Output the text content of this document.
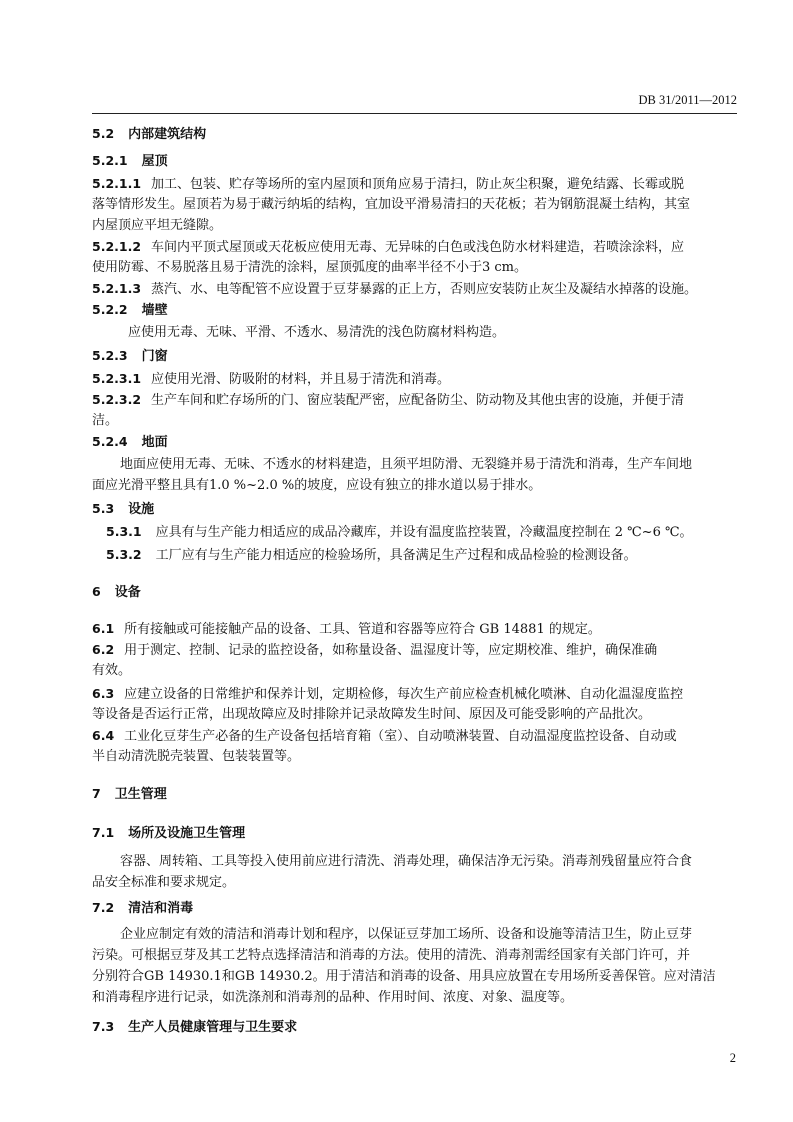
DB 31/2011—2012
5.2 内部建筑结构
5.2.1 屋顶
5.2.1.1 加工、包装、贮存等场所的室内屋顶和顶角应易于清扫，防止灰尘积聚，避免结露、长霉或脱
落等情形发生。屋顶若为易于藏污纳垢的结构，宜加设平滑易清扫的天花板；若为钢筋混凝土结构，其室
内屋顶应平坦无缝隙。
5.2.1.2 车间内平顶式屋顶或天花板应使用无毒、无异味的白色或浅色防水材料建造，若喷涂涂料，应
使用防霉、不易脱落且易于清洗的涂料，屋顶弧度的曲率半径不小于3 cm。
5.2.1.3 蒸汽、水、电等配管不应设置于豆芽暴露的正上方，否则应安装防止灰尘及凝结水掉落的设施。
5.2.2 墙壁
应使用无毒、无味、平滑、不透水、易清洗的浅色防腐材料构造。
5.2.3 门窗
5.2.3.1 应使用光滑、防吸附的材料，并且易于清洗和消毒。
5.2.3.2 生产车间和贮存场所的门、窗应装配严密，应配备防尘、防动物及其他虫害的设施，并便于清
洁。
5.2.4 地面
地面应使用无毒、无味、不透水的材料建造，且须平坦防滑、无裂缝并易于清洗和消毒，生产车间地
面应光滑平整且具有1.0 %~2.0 %的坡度，应设有独立的排水道以易于排水。
5.3 设施
5.3.1 应具有与生产能力相适应的成品冷藏库，并设有温度监控装置，冷藏温度控制在 2 ℃~6 ℃。
5.3.2 工厂应有与生产能力相适应的检验场所，具备满足生产过程和成品检验的检测设备。
6 设备
6.1 所有接触或可能接触产品的设备、工具、管道和容器等应符合 GB 14881 的规定。
6.2 用于测定、控制、记录的监控设备，如称量设备、温湿度计等，应定期校准、维护，确保准确
有效。
6.3 应建立设备的日常维护和保养计划，定期检修，每次生产前应检查机械化喷淋、自动化温湿度监控
等设备是否运行正常，出现故障应及时排除并记录故障发生时间、原因及可能受影响的产品批次。
6.4 工业化豆芽生产必备的生产设备包括培育箱（室）、自动喷淋装置、自动温湿度监控设备、自动或
半自动清洗脱壳装置、包装装置等。
7 卫生管理
7.1 场所及设施卫生管理
容器、周转箱、工具等投入使用前应进行清洗、消毒处理，确保洁净无污染。消毒剂残留量应符合食
品安全标准和要求规定。
7.2 清洁和消毒
企业应制定有效的清洁和消毒计划和程序，以保证豆芽加工场所、设备和设施等清洁卫生，防止豆芽
污染。可根据豆芽及其工艺特点选择清洁和消毒的方法。使用的清洗、消毒剂需经国家有关部门许可，并
分别符合GB 14930.1和GB 14930.2。用于清洁和消毒的设备、用具应放置在专用场所妥善保管。应对清洁
和消毒程序进行记录，如洗涤剂和消毒剂的品种、作用时间、浓度、对象、温度等。
7.3 生产人员健康管理与卫生要求
2
